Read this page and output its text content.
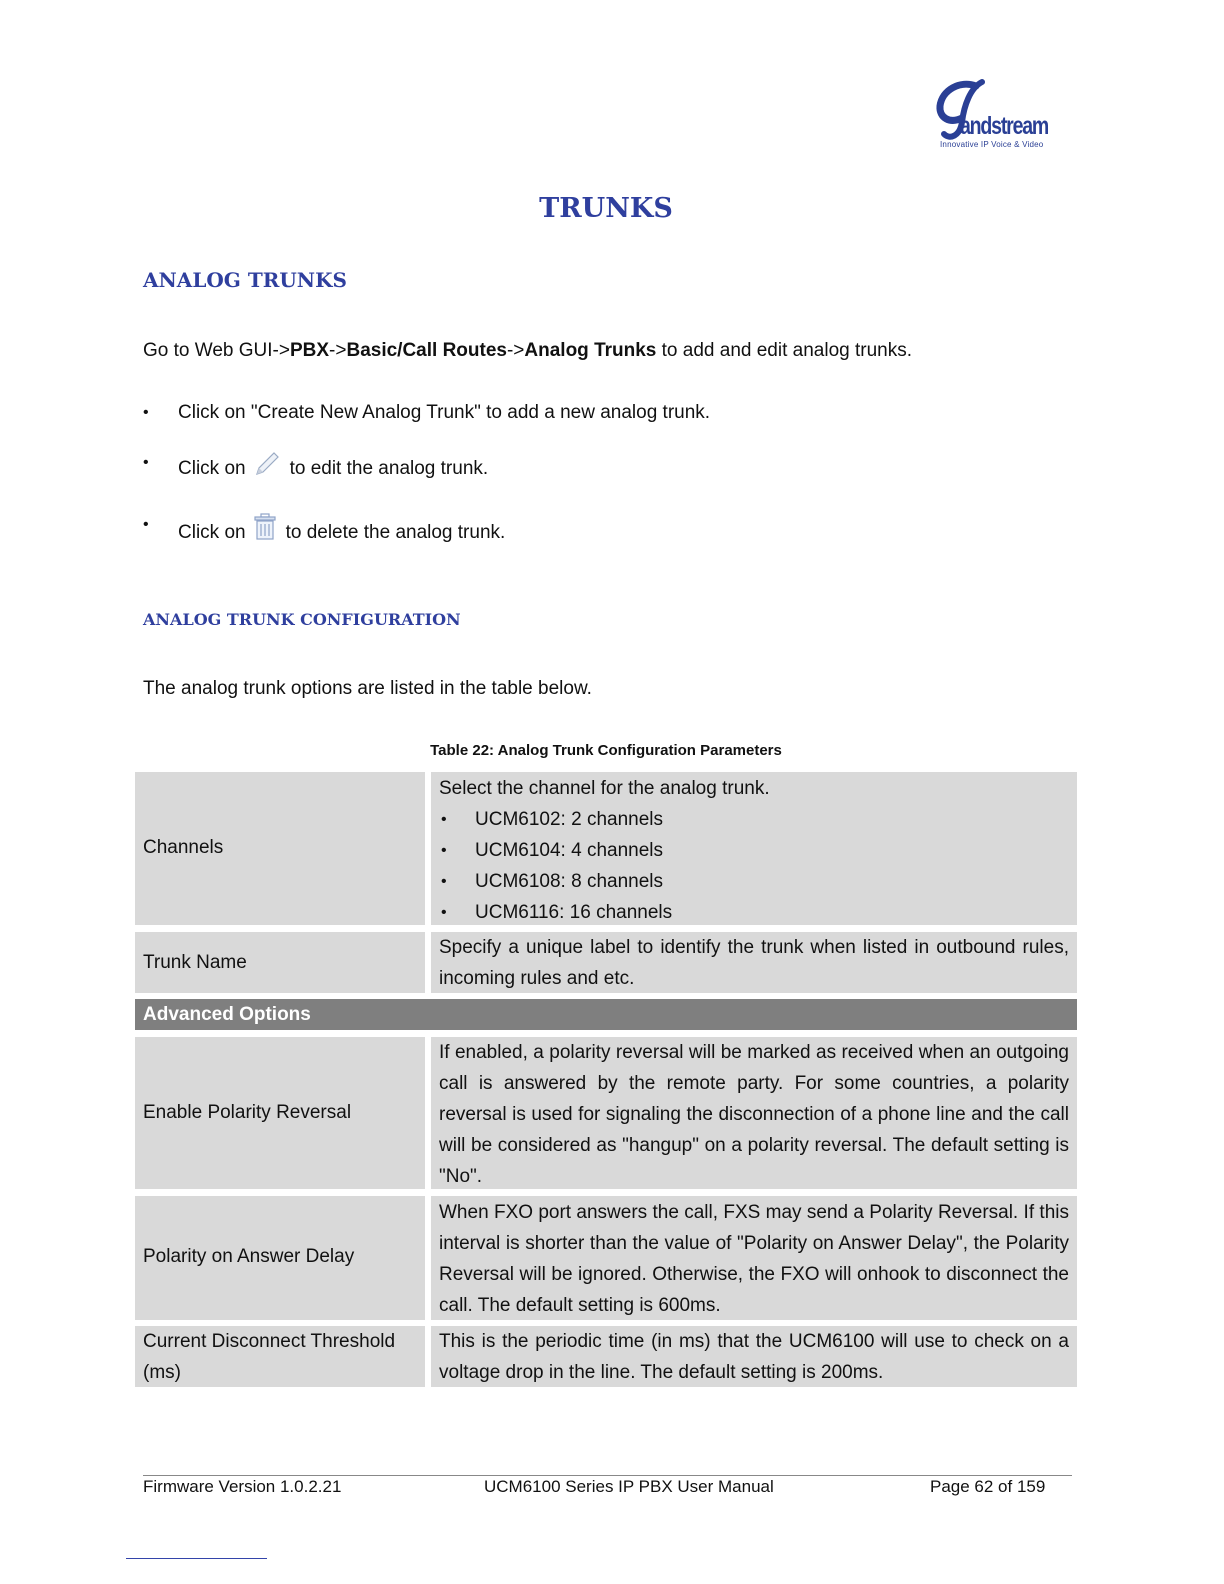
andstream
Innovative IP Voice & Video
TRUNKS
ANALOG TRUNKS

Go to Web GUI->PBX->Basic/Call Routes->Analog Trunks to add and edit analog trunks.

• Click on "Create New Analog Trunk" to add a new analog trunk.
• Click on to edit the analog trunk.
• Click on to delete the analog trunk.
ANALOG TRUNK CONFIGURATION

The analog trunk options are listed in the table below.

Table 22: Analog Trunk Configuration Parameters
Channels
Select the channel for the analog trunk.
• UCM6102: 2 channels
• UCM6104: 4 channels
• UCM6108: 8 channels
• UCM6116: 16 channels
Trunk Name
Specify a unique label to identify the trunk when listed in outbound rules, incoming rules and etc.
Advanced Options
Enable Polarity Reversal
If enabled, a polarity reversal will be marked as received when an outgoing call is answered by the remote party. For some countries, a polarity reversal is used for signaling the disconnection of a phone line and the call will be considered as "hangup" on a polarity reversal. The default setting is "No".
Polarity on Answer Delay
When FXO port answers the call, FXS may send a Polarity Reversal. If this interval is shorter than the value of "Polarity on Answer Delay", the Polarity Reversal will be ignored. Otherwise, the FXO will onhook to disconnect the call. The default setting is 600ms.
Current Disconnect Threshold
(ms)
This is the periodic time (in ms) that the UCM6100 will use to check on a voltage drop in the line. The default setting is 200ms.
Firmware Version 1.0.2.21	UCM6100 Series IP PBX User Manual	Page 62 of 159
